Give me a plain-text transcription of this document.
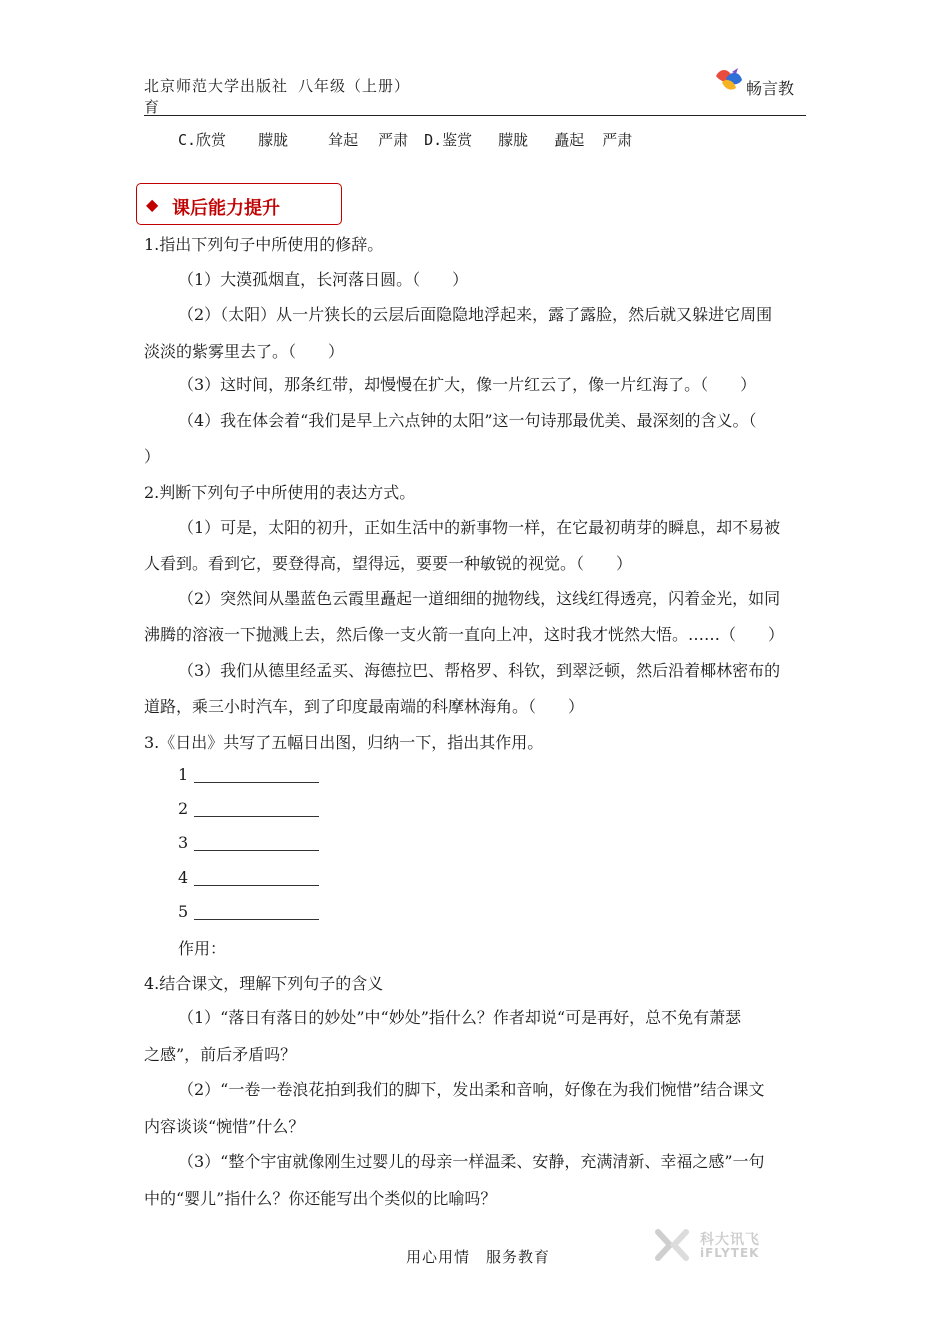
北京师范大学出版社 八年级（上册）
育
畅言教
C.欣赏 朦胧	耸起 严肃 D.鉴赏 朦胧 矗起 严肃
◆ 课后能力提升
1.指出下列句子中所使用的修辞。
（1）大漠孤烟直，长河落日圆。（　　）
（2）（太阳）从一片狭长的云层后面隐隐地浮起来，露了露脸，然后就又躲进它周围
淡淡的紫雾里去了。（　　）
（3）这时间，那条红带，却慢慢在扩大，像一片红云了，像一片红海了。（　　）
（4）我在体会着“我们是早上六点钟的太阳”这一句诗那最优美、最深刻的含义。（
）
2.判断下列句子中所使用的表达方式。
（1）可是，太阳的初升，正如生活中的新事物一样，在它最初萌芽的瞬息，却不易被
人看到。看到它，要登得高，望得远，要要一种敏锐的视觉。（　　）
（2）突然间从墨蓝色云霞里矗起一道细细的抛物线，这线红得透亮，闪着金光，如同
沸腾的溶液一下抛溅上去，然后像一支火箭一直向上冲，这时我才恍然大悟。……（　　）
（3）我们从德里经孟买、海德拉巴、帮格罗、科钦，到翠泛顿，然后沿着椰林密布的
道路，乘三小时汽车，到了印度最南端的科摩林海角。（　　）
3.《日出》共写了五幅日出图，归纳一下，指出其作用。
1
2
3
4
5
作用：
4.结合课文，理解下列句子的含义
（1）“落日有落日的妙处”中“妙处”指什么？作者却说“可是再好，总不免有萧瑟
之感”，前后矛盾吗？
（2）“一卷一卷浪花拍到我们的脚下，发出柔和音响，好像在为我们惋惜”结合课文
内容谈谈“惋惜”什么？
（3）“整个宇宙就像刚生过婴儿的母亲一样温柔、安静，充满清新、幸福之感”一句
中的“婴儿”指什么？你还能写出个类似的比喻吗？
用心用情　服务教育
科大讯飞
iFLYTEK
